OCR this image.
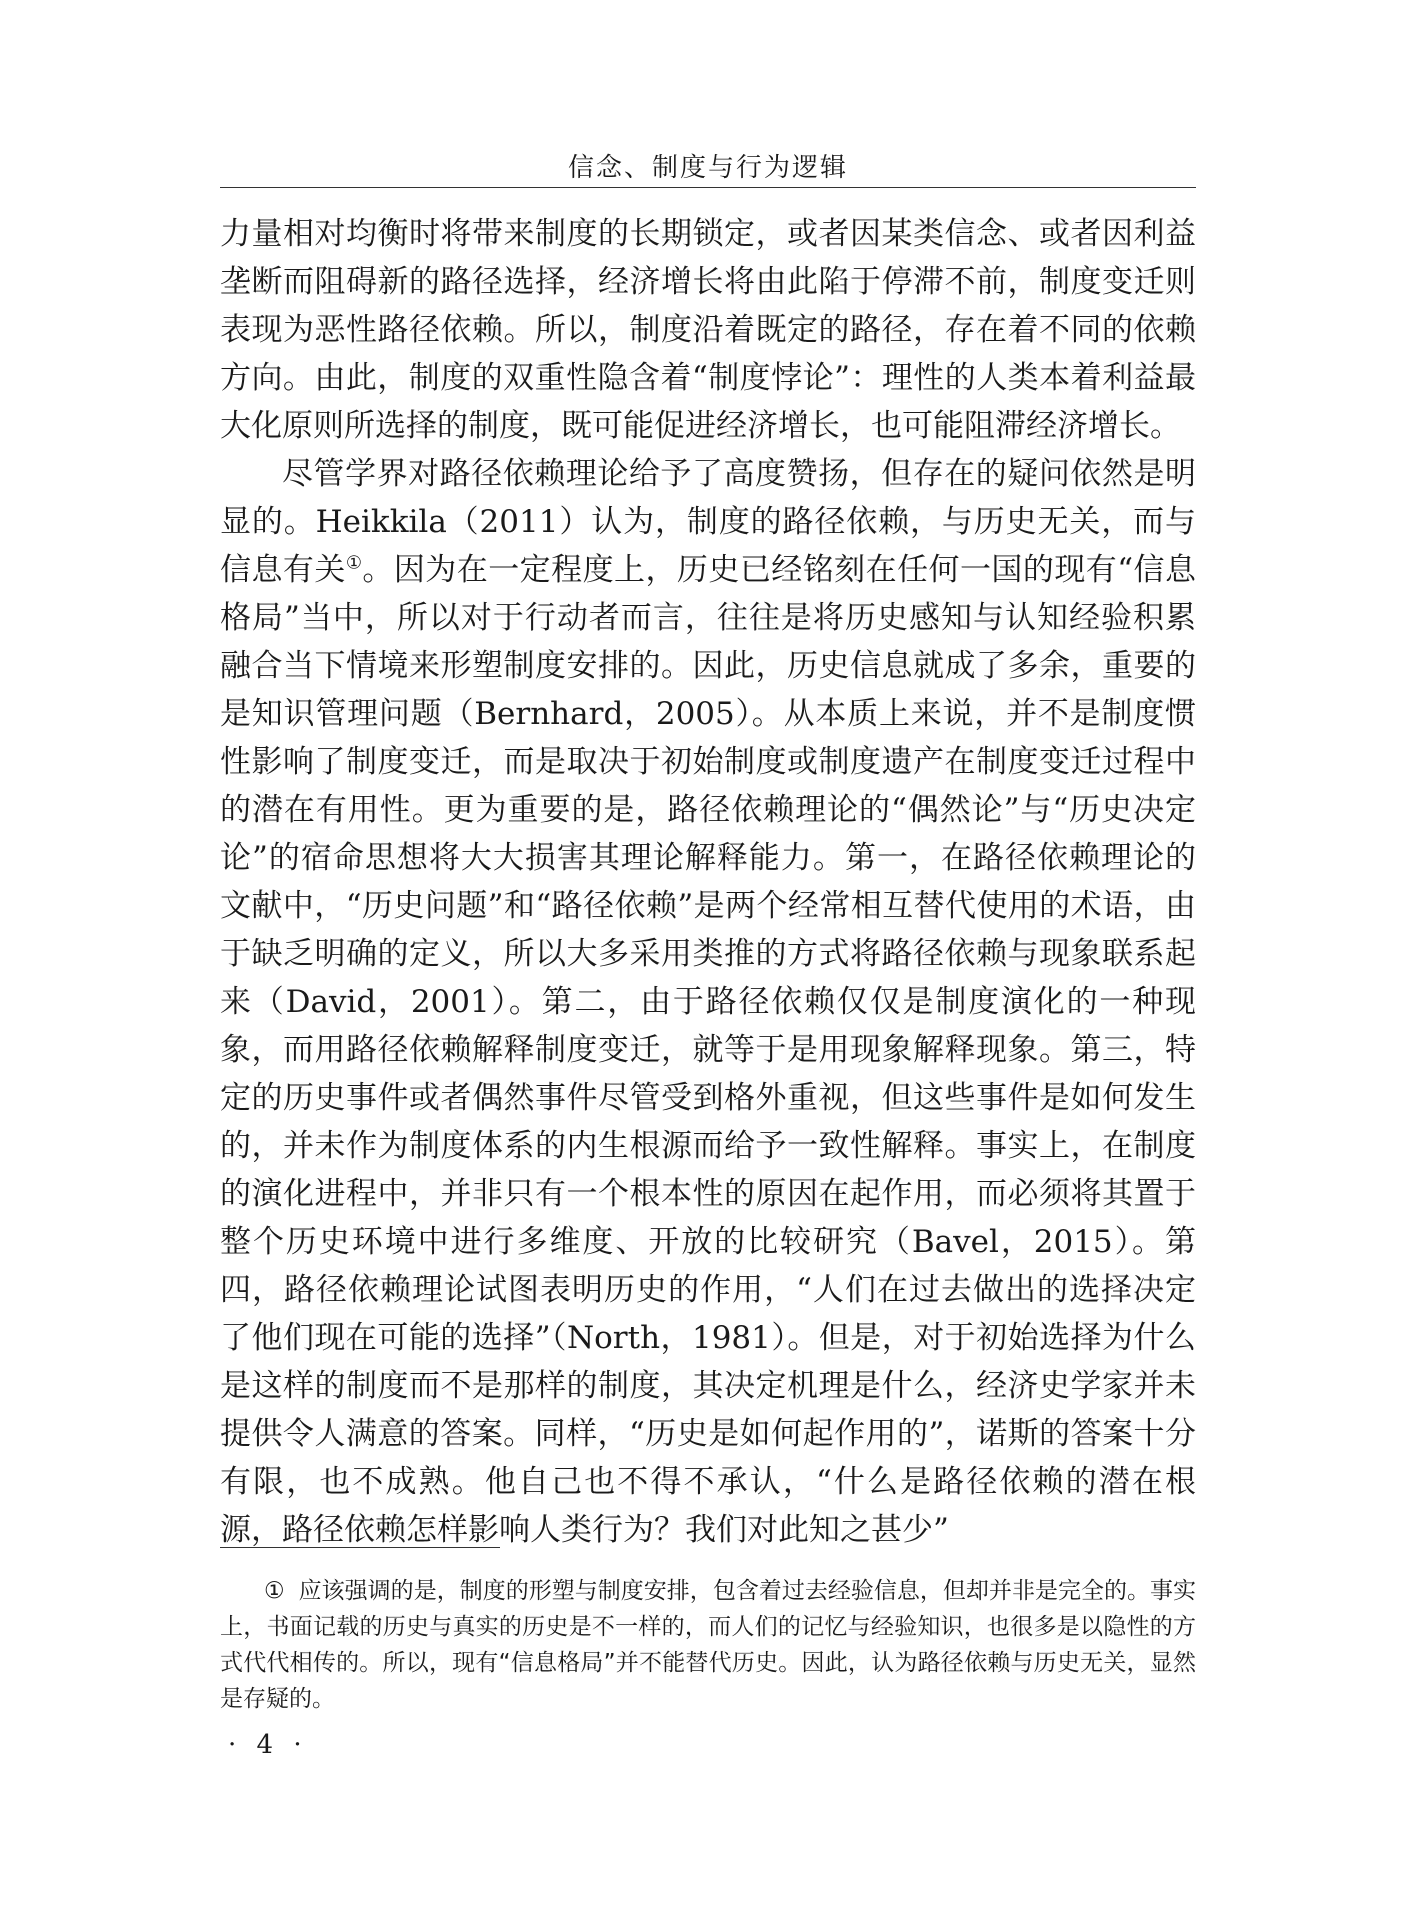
信念、制度与行为逻辑

力量相对均衡时将带来制度的长期锁定，或者因某类信念、或者因利益垄断而阻碍新的路径选择，经济增长将由此陷于停滞不前，制度变迁则表现为恶性路径依赖。所以，制度沿着既定的路径，存在着不同的依赖方向。由此，制度的双重性隐含着“制度悖论”：理性的人类本着利益最大化原则所选择的制度，既可能促进经济增长，也可能阻滞经济增长。

尽管学界对路径依赖理论给予了高度赞扬，但存在的疑问依然是明显的。Heikkila（2011）认为，制度的路径依赖，与历史无关，而与信息有关①。因为在一定程度上，历史已经铭刻在任何一国的现有“信息格局”当中，所以对于行动者而言，往往是将历史感知与认知经验积累融合当下情境来形塑制度安排的。因此，历史信息就成了多余，重要的是知识管理问题（Bernhard，2005）。从本质上来说，并不是制度惯性影响了制度变迁，而是取决于初始制度或制度遗产在制度变迁过程中的潜在有用性。更为重要的是，路径依赖理论的“偶然论”与“历史决定论”的宿命思想将大大损害其理论解释能力。第一，在路径依赖理论的文献中，“历史问题”和“路径依赖”是两个经常相互替代使用的术语，由于缺乏明确的定义，所以大多采用类推的方式将路径依赖与现象联系起来（David，2001）。第二，由于路径依赖仅仅是制度演化的一种现象，而用路径依赖解释制度变迁，就等于是用现象解释现象。第三，特定的历史事件或者偶然事件尽管受到格外重视，但这些事件是如何发生的，并未作为制度体系的内生根源而给予一致性解释。事实上，在制度的演化进程中，并非只有一个根本性的原因在起作用，而必须将其置于整个历史环境中进行多维度、开放的比较研究（Bavel，2015）。第四，路径依赖理论试图表明历史的作用，“人们在过去做出的选择决定了他们现在可能的选择”（North，1981）。但是，对于初始选择为什么是这样的制度而不是那样的制度，其决定机理是什么，经济史学家并未提供令人满意的答案。同样，“历史是如何起作用的”，诺斯的答案十分有限，也不成熟。他自己也不得不承认，“什么是路径依赖的潜在根源，路径依赖怎样影响人类行为？我们对此知之甚少”

① 应该强调的是，制度的形塑与制度安排，包含着过去经验信息，但却并非是完全的。事实上，书面记载的历史与真实的历史是不一样的，而人们的记忆与经验知识，也很多是以隐性的方式代代相传的。所以，现有“信息格局”并不能替代历史。因此，认为路径依赖与历史无关，显然是存疑的。
· 4 ·
